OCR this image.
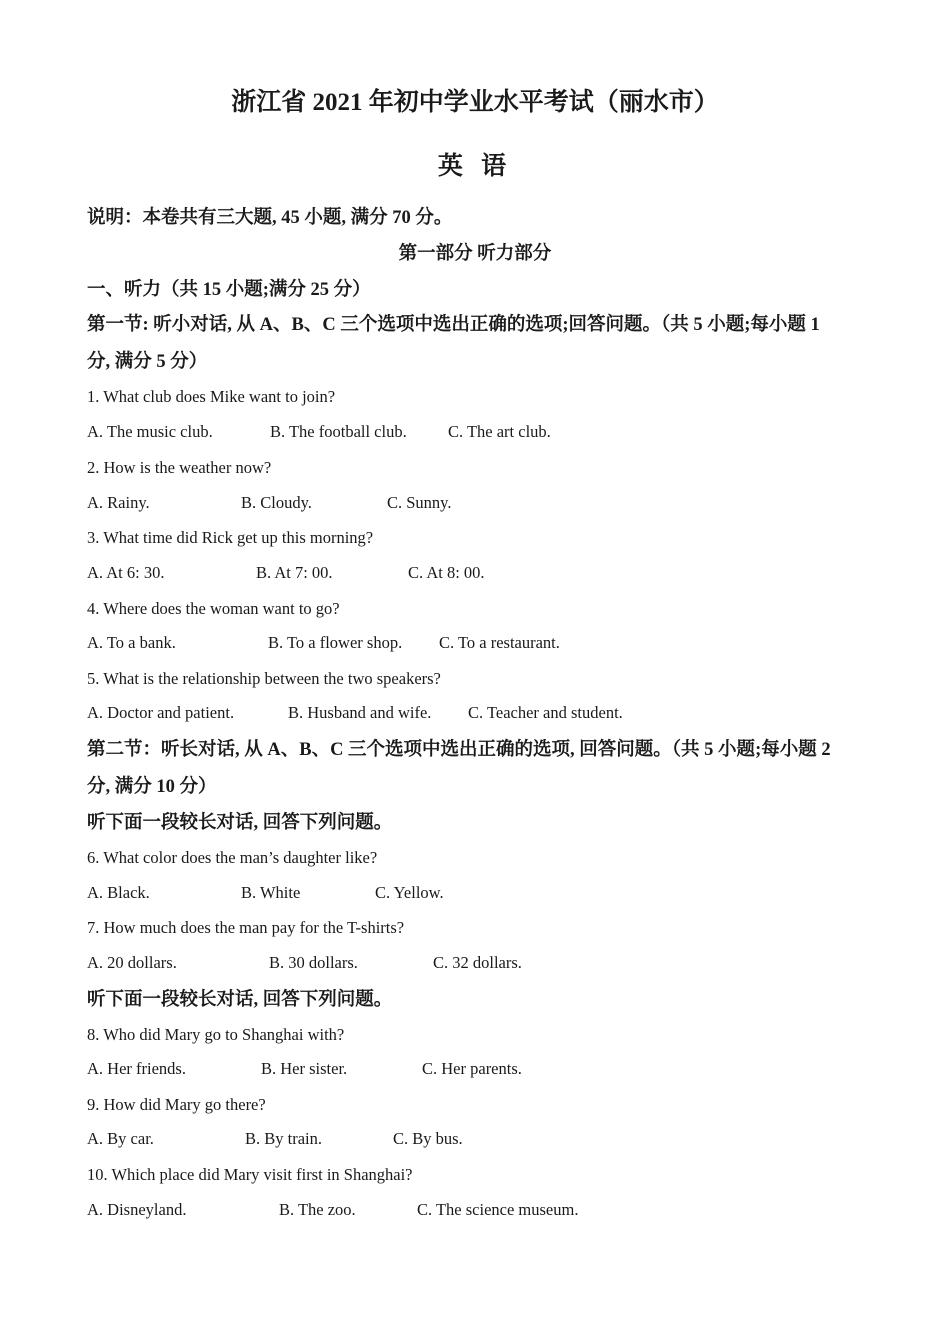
浙江省 2021 年初中学业水平考试（丽水市）
英 语
说明：本卷共有三大题, 45 小题, 满分 70 分。
第一部分 听力部分
一、听力（共 15 小题;满分 25 分）
第一节: 听小对话, 从 A、B、C 三个选项中选出正确的选项;回答问题。（共 5 小题;每小题 1
分, 满分 5 分）
1. What club does Mike want to join?
A. The music club.	B. The football club.	C. The art club.
2. How is the weather now?
A. Rainy.	B. Cloudy.	C. Sunny.
3. What time did Rick get up this morning?
A. At 6: 30.	B. At 7: 00.	C. At 8: 00.
4. Where does the woman want to go?
A. To a bank.	B. To a flower shop. C. To a restaurant.
5. What is the relationship between the two speakers?
A. Doctor and patient.	B. Husband and wife. C. Teacher and student.
第二节：听长对话, 从 A、B、C 三个选项中选出正确的选项, 回答问题。（共 5 小题;每小题 2
分, 满分 10 分）
听下面一段较长对话, 回答下列问题。
6. What color does the man’s daughter like?
A. Black.	B. White	C. Yellow.
7. How much does the man pay for the T-shirts?
A. 20 dollars.	B. 30 dollars.	C. 32 dollars.
听下面一段较长对话, 回答下列问题。
8. Who did Mary go to Shanghai with?
A. Her friends.	B. Her sister.	C. Her parents.
9. How did Mary go there?
A. By car.	B. By train.	C. By bus.
10. Which place did Mary visit first in Shanghai?
A. Disneyland.	B. The zoo.	C. The science museum.
